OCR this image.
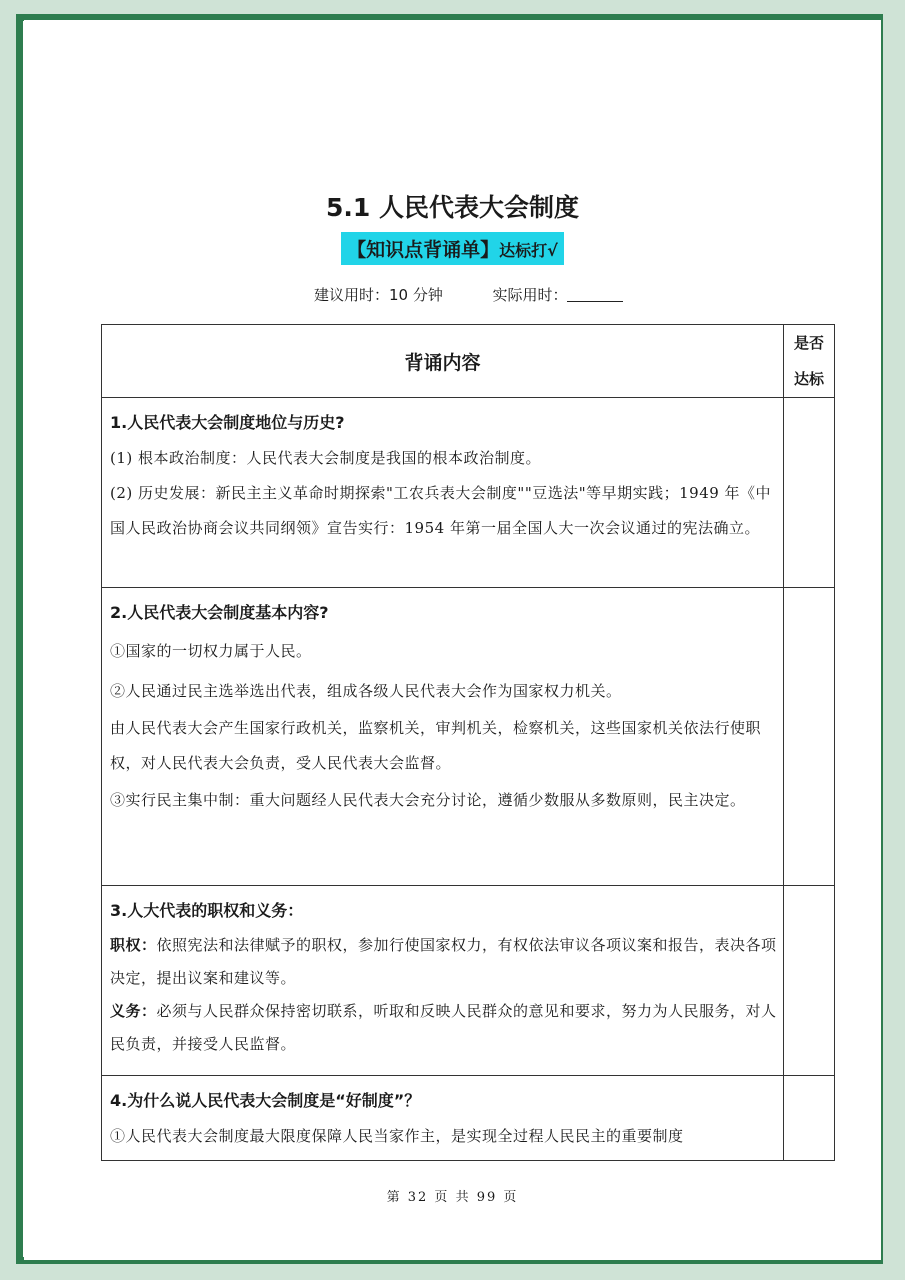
5.1 人民代表大会制度
【知识点背诵单】达标打√
建议用时：10 分钟	实际用时：
背诵内容	是否
达标

1.人民代表大会制度地位与历史?

(1) 根本政治制度：人民代表大会制度是我国的根本政治制度。

(2) 历史发展：新民主主义革命时期探索"工农兵表大会制度""豆选法"等早期实践；1949 年《中国人民政治协商会议共同纲领》宣告实行：1954 年第一届全国人大一次会议通过的宪法确立。	

2.人民代表大会制度基本内容?

①国家的一切权力属于人民。

②人民通过民主选举选出代表，组成各级人民代表大会作为国家权力机关。

由人民代表大会产生国家行政机关，监察机关，审判机关，检察机关，这些国家机关依法行使职权，对人民代表大会负责，受人民代表大会监督。

③实行民主集中制：重大问题经人民代表大会充分讨论，遵循少数服从多数原则，民主决定。	

3.人大代表的职权和义务：

职权：依照宪法和法律赋予的职权，参加行使国家权力，有权依法审议各项议案和报告，表决各项决定，提出议案和建议等。

义务：必须与人民群众保持密切联系，听取和反映人民群众的意见和要求，努力为人民服务，对人民负责，并接受人民监督。	

4.为什么说人民代表大会制度是“好制度”？

①人民代表大会制度最大限度保障人民当家作主，是实现全过程人民民主的重要制度	

第 32 页 共 99 页
